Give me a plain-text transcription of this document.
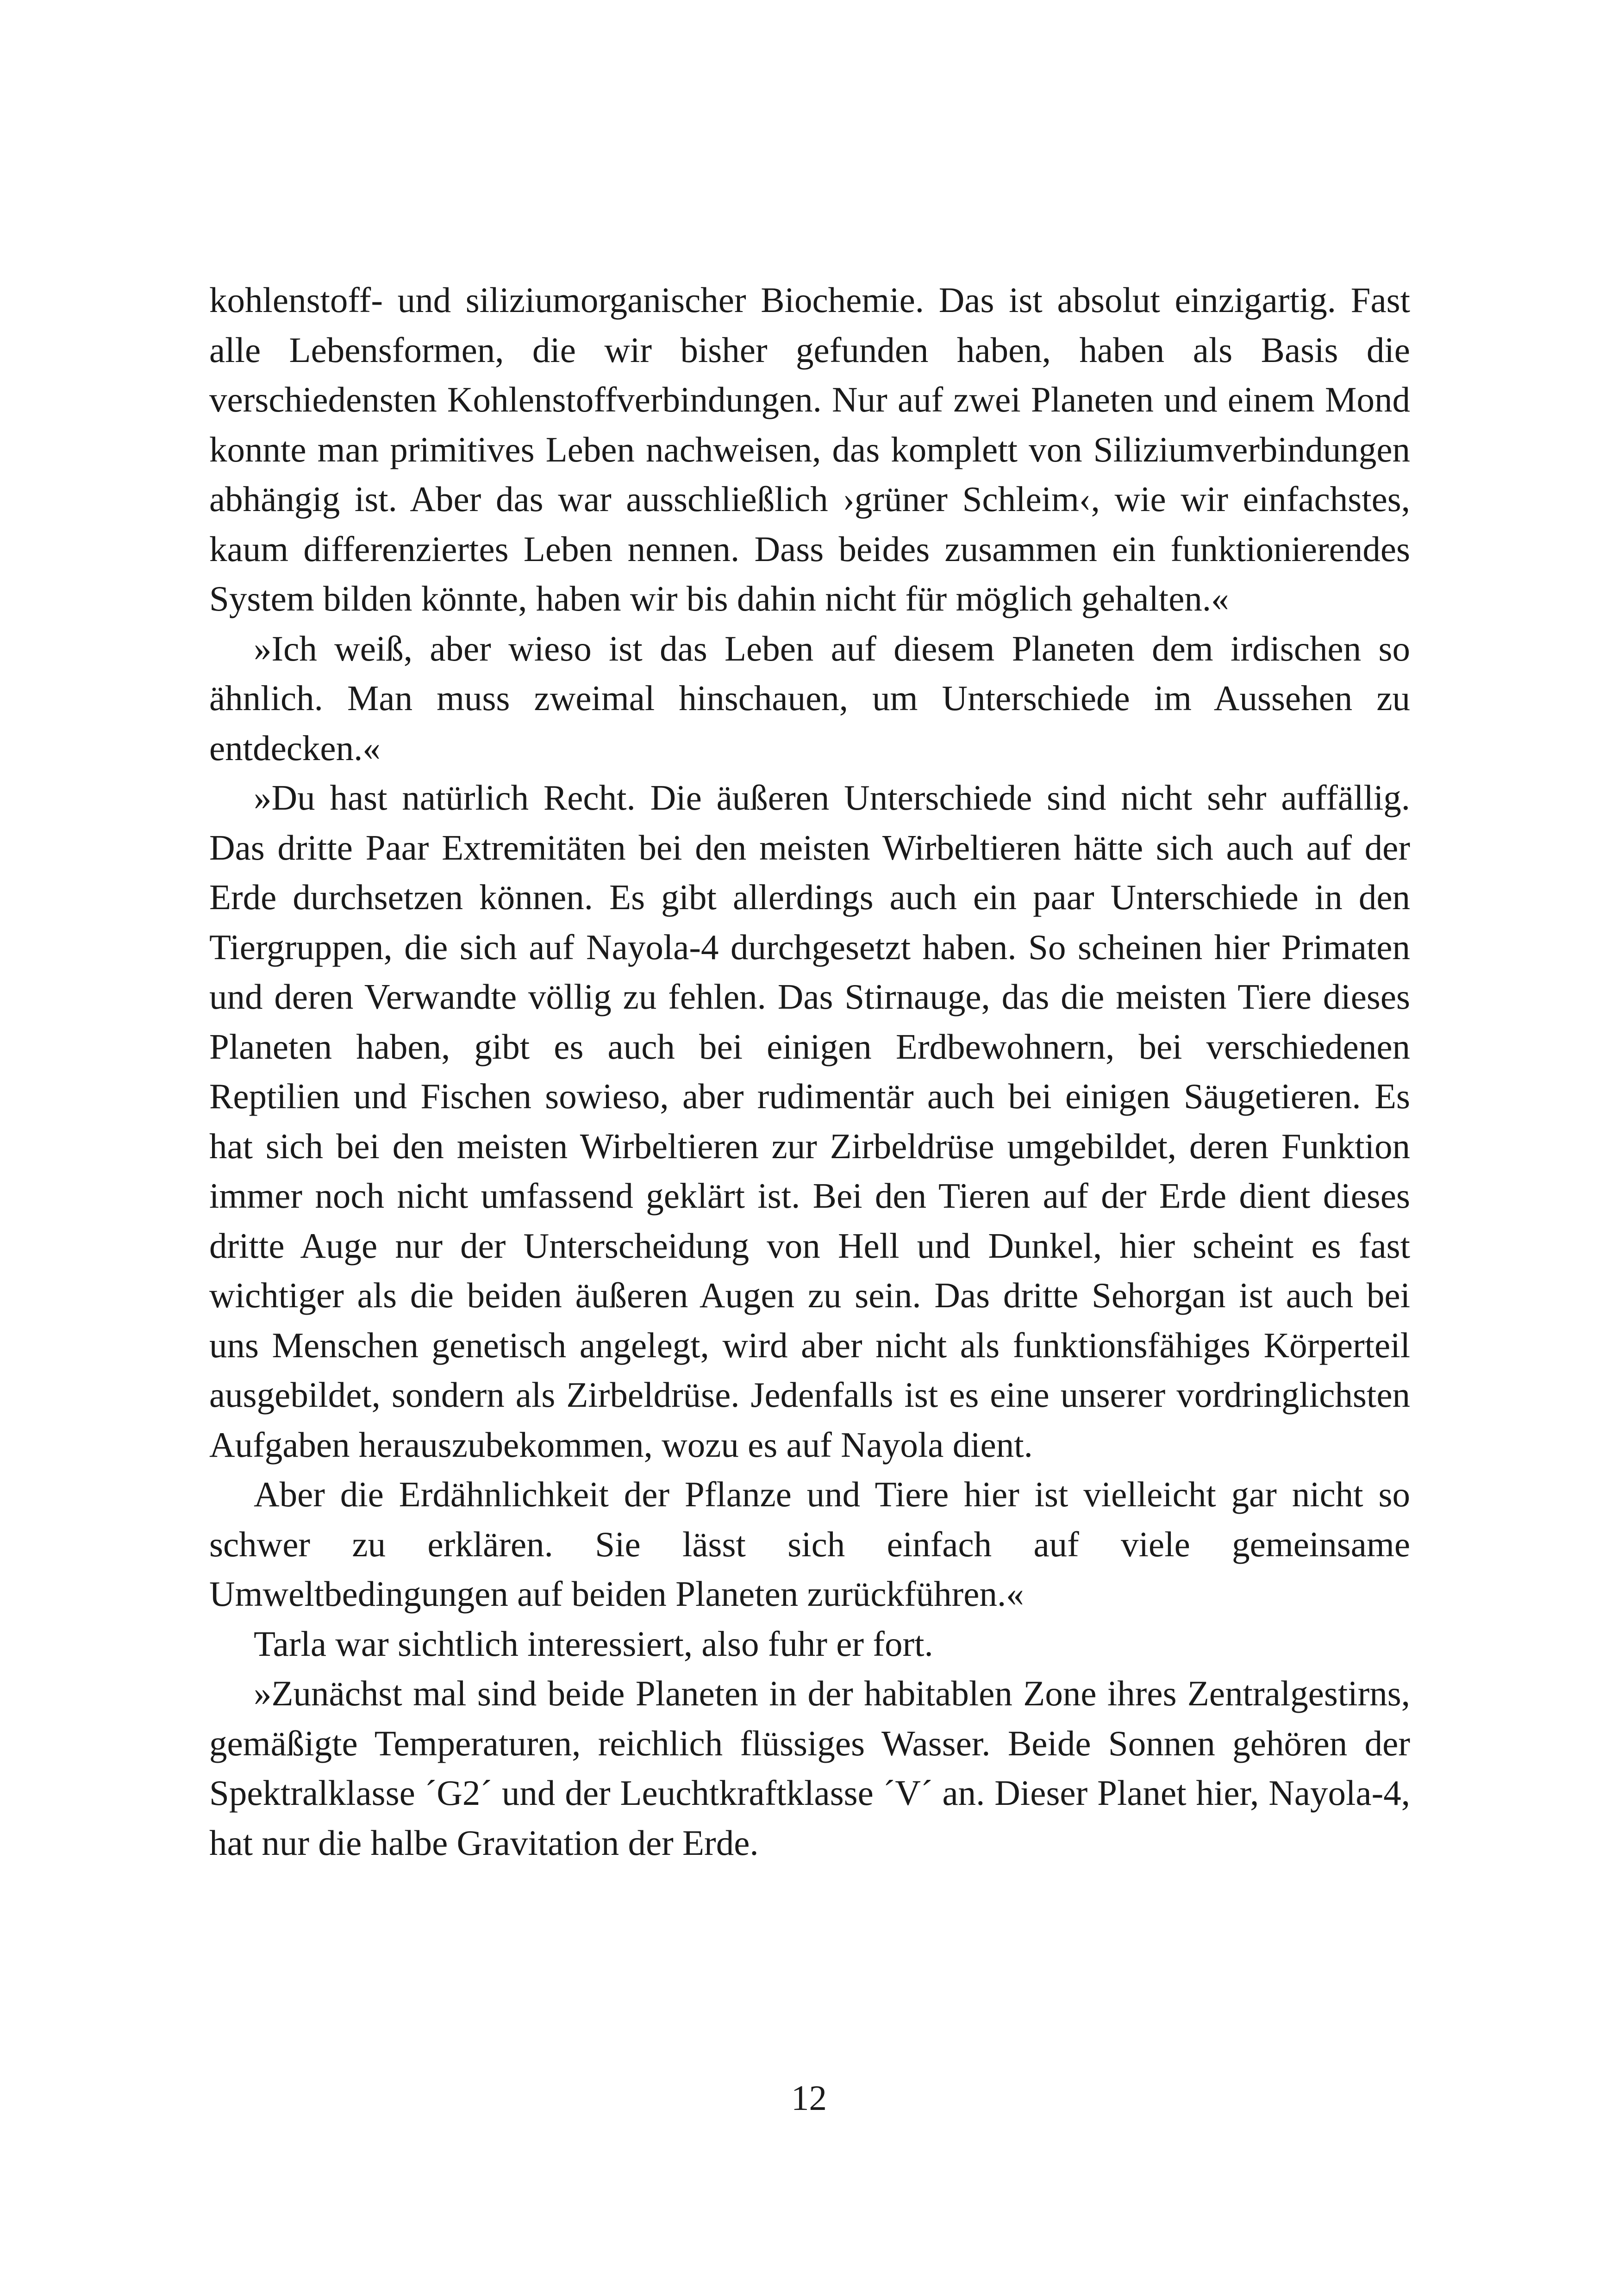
kohlenstoff- und siliziumorganischer Biochemie. Das ist absolut einzigartig. Fast alle Lebensformen, die wir bisher gefunden haben, haben als Basis die verschiedensten Kohlenstoffverbindungen. Nur auf zwei Planeten und einem Mond konnte man primitives Leben nachweisen, das komplett von Siliziumverbindungen abhängig ist. Aber das war ausschließlich ›grüner Schleim‹, wie wir einfachstes, kaum differenziertes Leben nennen. Dass beides zusammen ein funktionierendes System bilden könnte, haben wir bis dahin nicht für möglich gehalten.«

»Ich weiß, aber wieso ist das Leben auf diesem Planeten dem irdischen so ähnlich. Man muss zweimal hinschauen, um Unterschiede im Aussehen zu entdecken.«

»Du hast natürlich Recht. Die äußeren Unterschiede sind nicht sehr auffällig. Das dritte Paar Extremitäten bei den meisten Wirbeltieren hätte sich auch auf der Erde durchsetzen können. Es gibt allerdings auch ein paar Unterschiede in den Tiergruppen, die sich auf Nayola-4 durchgesetzt haben. So scheinen hier Primaten und deren Verwandte völlig zu fehlen. Das Stirnauge, das die meisten Tiere dieses Planeten haben, gibt es auch bei einigen Erdbewohnern, bei verschiedenen Reptilien und Fischen sowieso, aber rudimentär auch bei einigen Säugetieren. Es hat sich bei den meisten Wirbeltieren zur Zirbeldrüse umgebildet, deren Funktion immer noch nicht umfassend geklärt ist. Bei den Tieren auf der Erde dient dieses dritte Auge nur der Unterscheidung von Hell und Dunkel, hier scheint es fast wichtiger als die beiden äußeren Augen zu sein. Das dritte Sehorgan ist auch bei uns Menschen genetisch angelegt, wird aber nicht als funktionsfähiges Körperteil ausgebildet, sondern als Zirbeldrüse. Jedenfalls ist es eine unserer vordringlichsten Aufgaben herauszubekommen, wozu es auf Nayola dient.

Aber die Erdähnlichkeit der Pflanze und Tiere hier ist vielleicht gar nicht so schwer zu erklären. Sie lässt sich einfach auf viele gemeinsame Umweltbedingungen auf beiden Planeten zurückführen.«

Tarla war sichtlich interessiert, also fuhr er fort.

»Zunächst mal sind beide Planeten in der habitablen Zone ihres Zentralgestirns, gemäßigte Temperaturen, reichlich flüssiges Wasser. Beide Sonnen gehören der Spektralklasse ´G2´ und der Leuchtkraftklasse ´V´ an. Dieser Planet hier, Nayola-4, hat nur die halbe Gravitation der Erde.

12
